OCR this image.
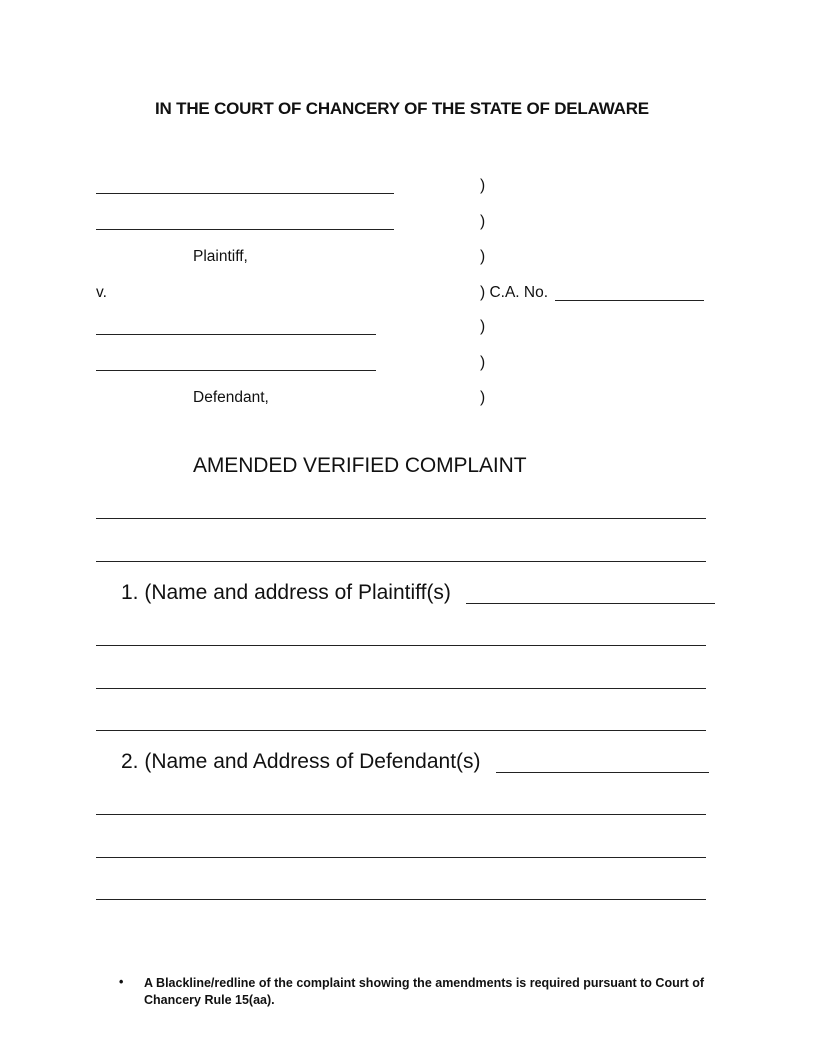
IN THE COURT OF CHANCERY OF THE STATE OF DELAWARE
Plaintiff,
v.
Defendant,
)
)
)
) C.A. No.
)
)
)
AMENDED VERIFIED COMPLAINT
1. (Name and address of Plaintiff(s)
2. (Name and Address of Defendant(s)
• A Blackline/redline of the complaint showing the amendments is required pursuant to Court of Chancery Rule 15(aa).
